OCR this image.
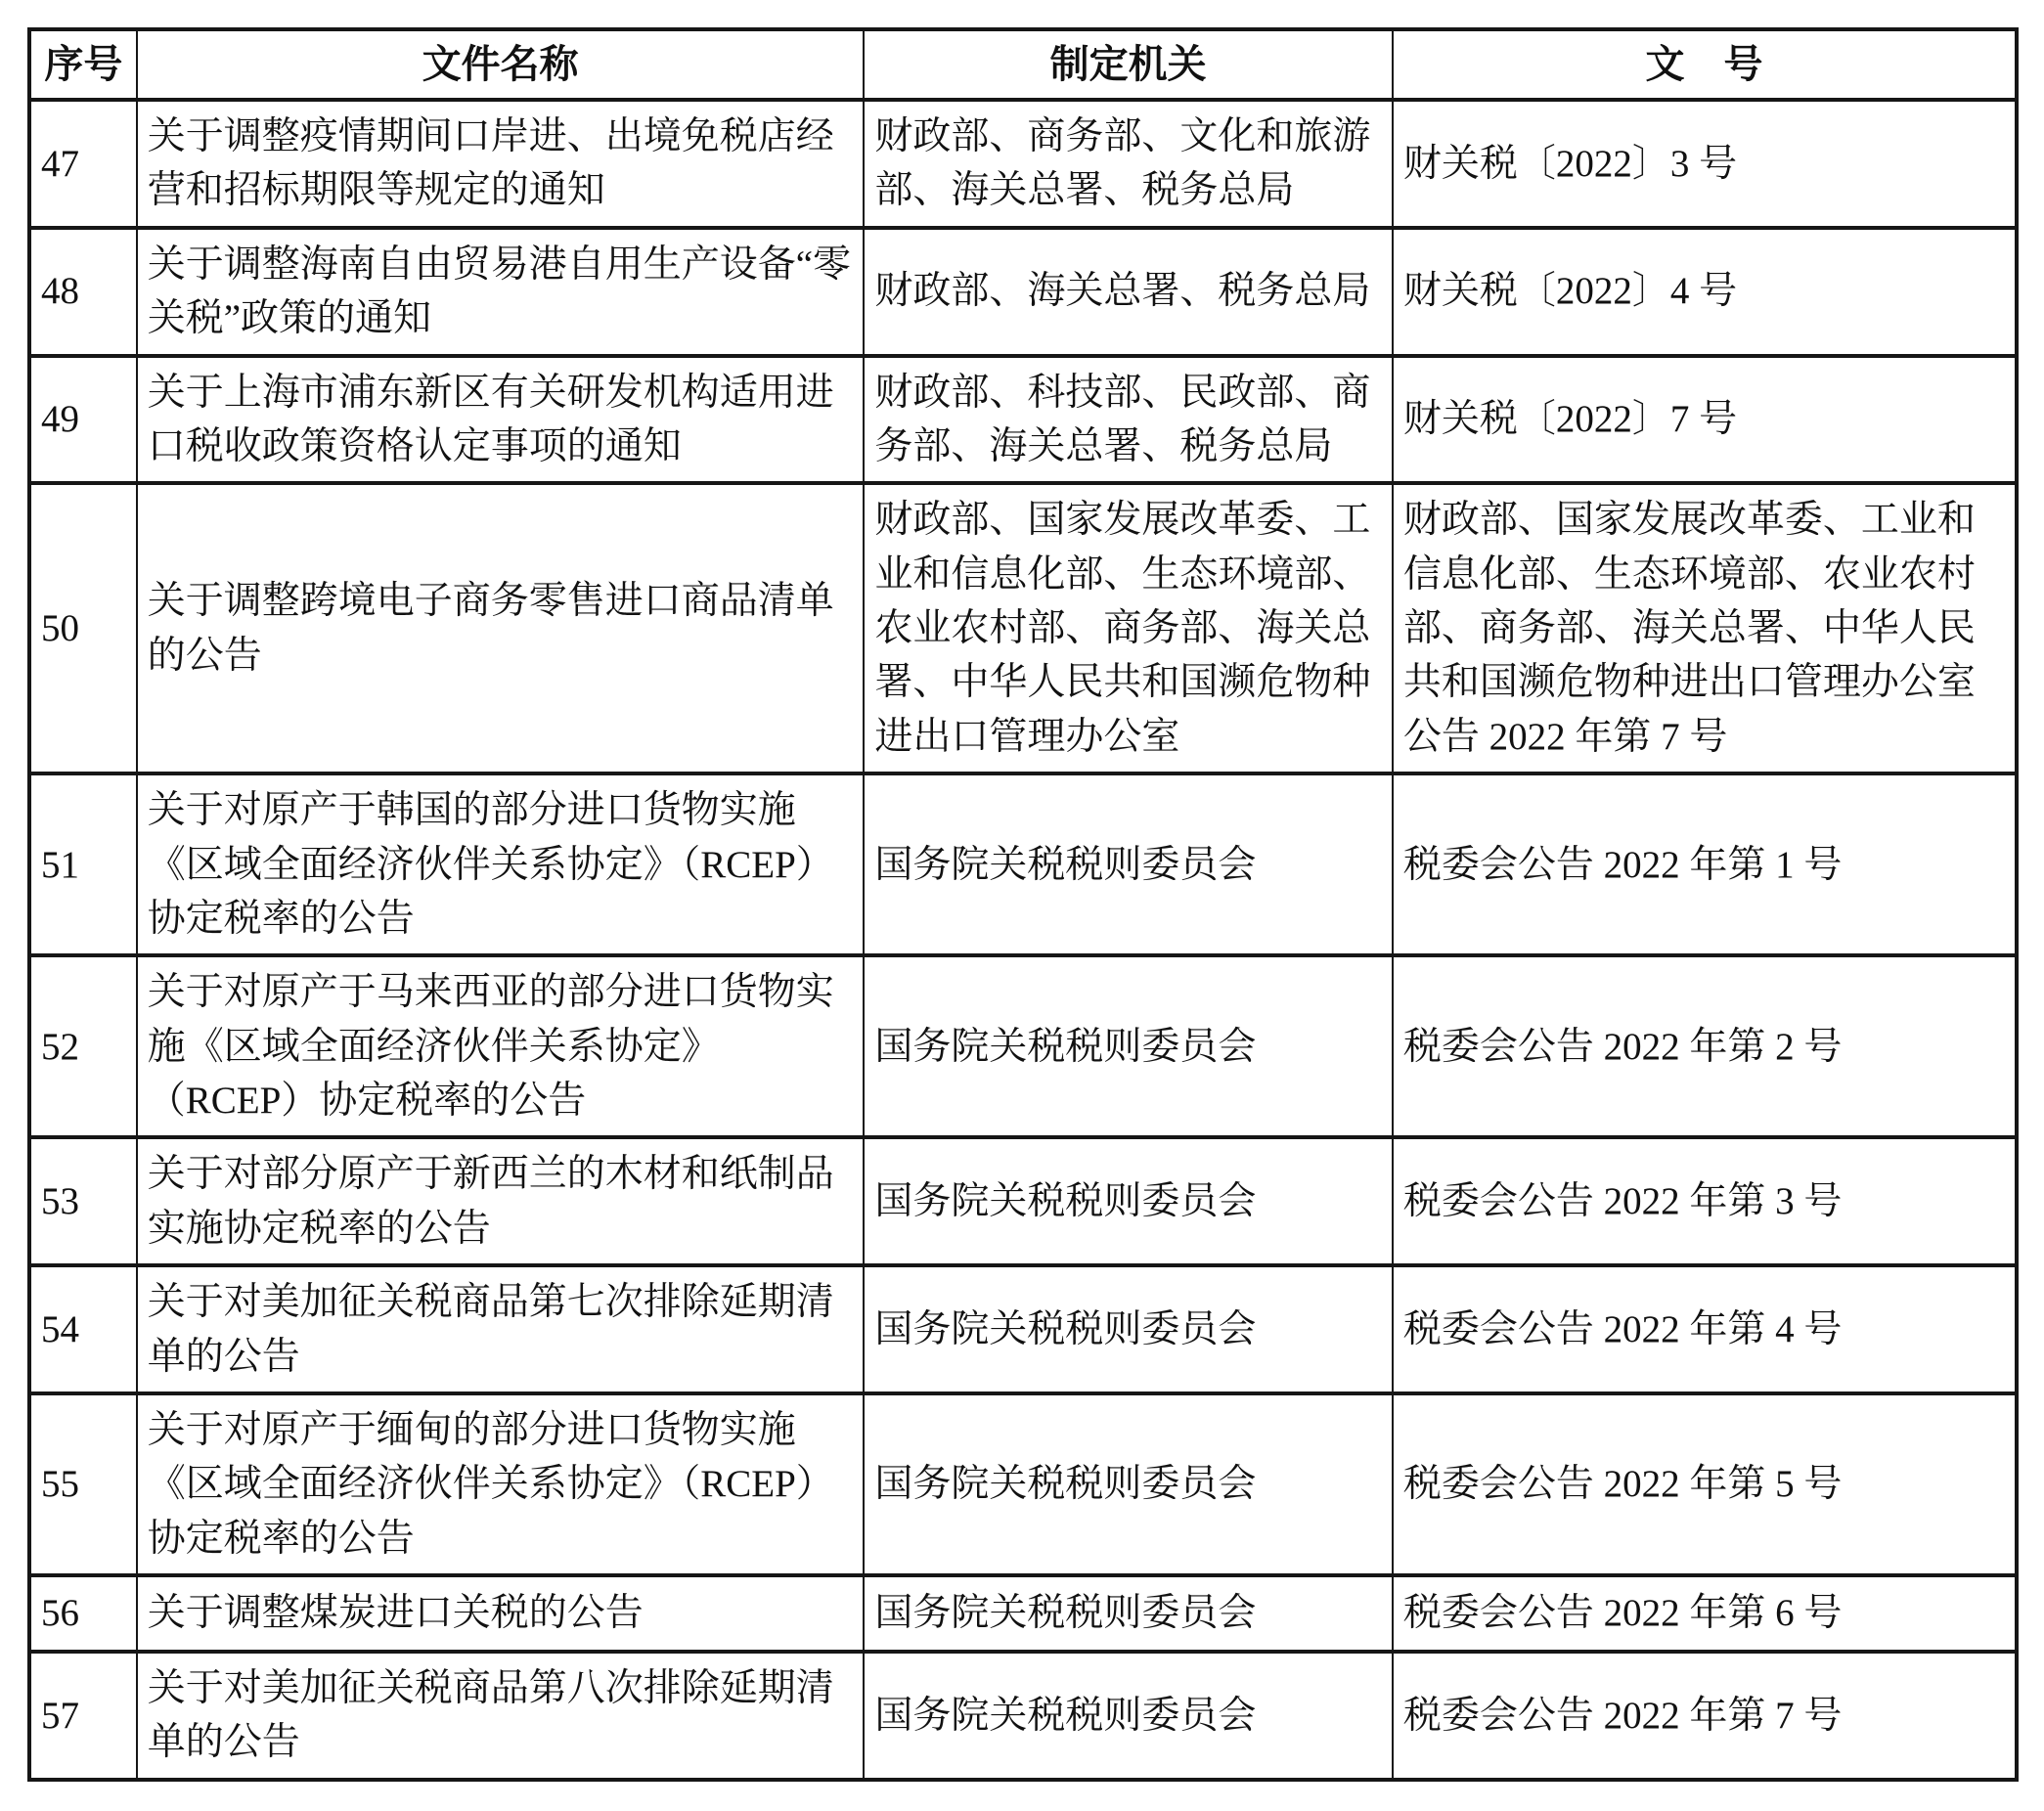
序号	文件名称	制定机关	文　号
47	关于调整疫情期间口岸进、出境免税店经营和招标期限等规定的通知	财政部、商务部、文化和旅游部、海关总署、税务总局	财关税〔2022〕3 号
48	关于调整海南自由贸易港自用生产设备“零关税”政策的通知	财政部、海关总署、税务总局	财关税〔2022〕4 号
49	关于上海市浦东新区有关研发机构适用进口税收政策资格认定事项的通知	财政部、科技部、民政部、商务部、海关总署、税务总局	财关税〔2022〕7 号
50	关于调整跨境电子商务零售进口商品清单的公告	财政部、国家发展改革委、工业和信息化部、生态环境部、农业农村部、商务部、海关总署、中华人民共和国濒危物种进出口管理办公室	财政部、国家发展改革委、工业和信息化部、生态环境部、农业农村部、商务部、海关总署、中华人民共和国濒危物种进出口管理办公室公告 2022 年第 7 号
51	关于对原产于韩国的部分进口货物实施《区域全面经济伙伴关系协定》（RCEP）协定税率的公告	国务院关税税则委员会	税委会公告 2022 年第 1 号
52	关于对原产于马来西亚的部分进口货物实施《区域全面经济伙伴关系协定》（RCEP）协定税率的公告	国务院关税税则委员会	税委会公告 2022 年第 2 号
53	关于对部分原产于新西兰的木材和纸制品实施协定税率的公告	国务院关税税则委员会	税委会公告 2022 年第 3 号
54	关于对美加征关税商品第七次排除延期清单的公告	国务院关税税则委员会	税委会公告 2022 年第 4 号
55	关于对原产于缅甸的部分进口货物实施《区域全面经济伙伴关系协定》（RCEP）协定税率的公告	国务院关税税则委员会	税委会公告 2022 年第 5 号
56	关于调整煤炭进口关税的公告	国务院关税税则委员会	税委会公告 2022 年第 6 号
57	关于对美加征关税商品第八次排除延期清单的公告	国务院关税税则委员会	税委会公告 2022 年第 7 号
